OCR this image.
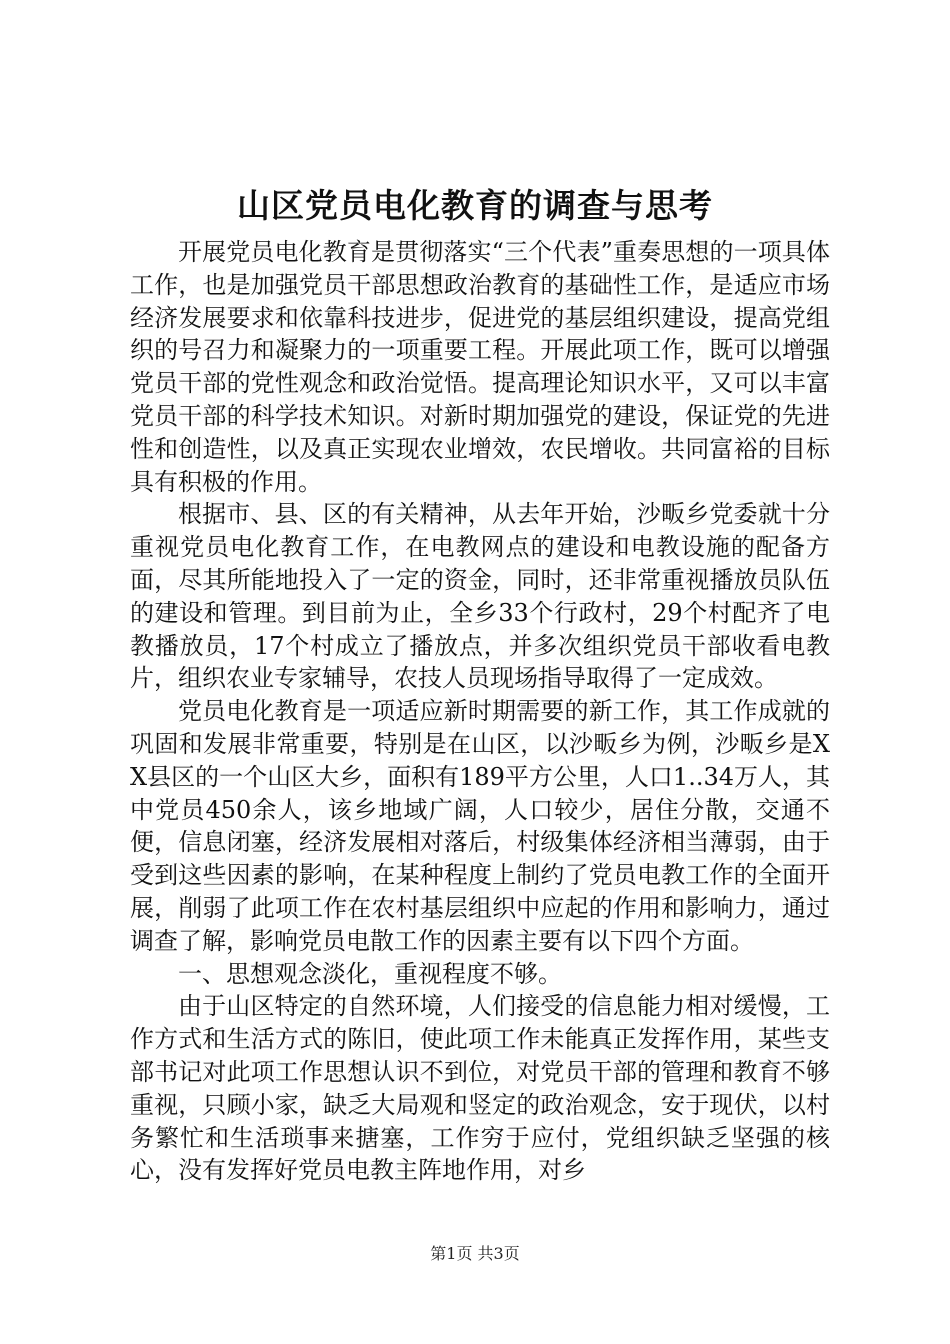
山区党员电化教育的调查与思考

开展党员电化教育是贯彻落实“三个代表”重奏思想的一项具体工作，也是加强党员干部思想政治教育的基础性工作，是适应市场经济发展要求和依靠科技进步，促进党的基层组织建设，提高党组织的号召力和凝聚力的一项重要工程。开展此项工作，既可以增强党员干部的党性观念和政治觉悟。提高理论知识水平，又可以丰富党员干部的科学技术知识。对新时期加强党的建设，保证党的先进性和创造性，以及真正实现农业增效，农民增收。共同富裕的目标具有积极的作用。

根据市、县、区的有关精神，从去年开始，沙畈乡党委就十分重视党员电化教育工作，在电教网点的建设和电教设施的配备方面，尽其所能地投入了一定的资金，同时，还非常重视播放员队伍的建设和管理。到目前为止，全乡33个行政村，29个村配齐了电教播放员，17个村成立了播放点，并多次组织党员干部收看电教片，组织农业专家辅导，农技人员现场指导取得了一定成效。

党员电化教育是一项适应新时期需要的新工作，其工作成就的巩固和发展非常重要，特别是在山区，以沙畈乡为例，沙畈乡是XX县区的一个山区大乡，面积有189平方公里，人口1..34万人，其中党员450余人，该乡地域广阔，人口较少，居住分散，交通不便，信息闭塞，经济发展相对落后，村级集体经济相当薄弱，由于受到这些因素的影响，在某种程度上制约了党员电教工作的全面开展，削弱了此项工作在农村基层组织中应起的作用和影响力，通过调查了解，影响党员电散工作的因素主要有以下四个方面。

一、思想观念淡化，重视程度不够。

由于山区特定的自然环境，人们接受的信息能力相对缓慢，工作方式和生活方式的陈旧，使此项工作未能真正发挥作用，某些支部书记对此项工作思想认识不到位，对党员干部的管理和教育不够重视，只顾小家，缺乏大局观和竖定的政治观念，安于现伏，以村务繁忙和生活琐事来搪塞，工作穷于应付，党组织缺乏坚强的核心，没有发挥好党员电教主阵地作用，对乡

第1页 共3页
